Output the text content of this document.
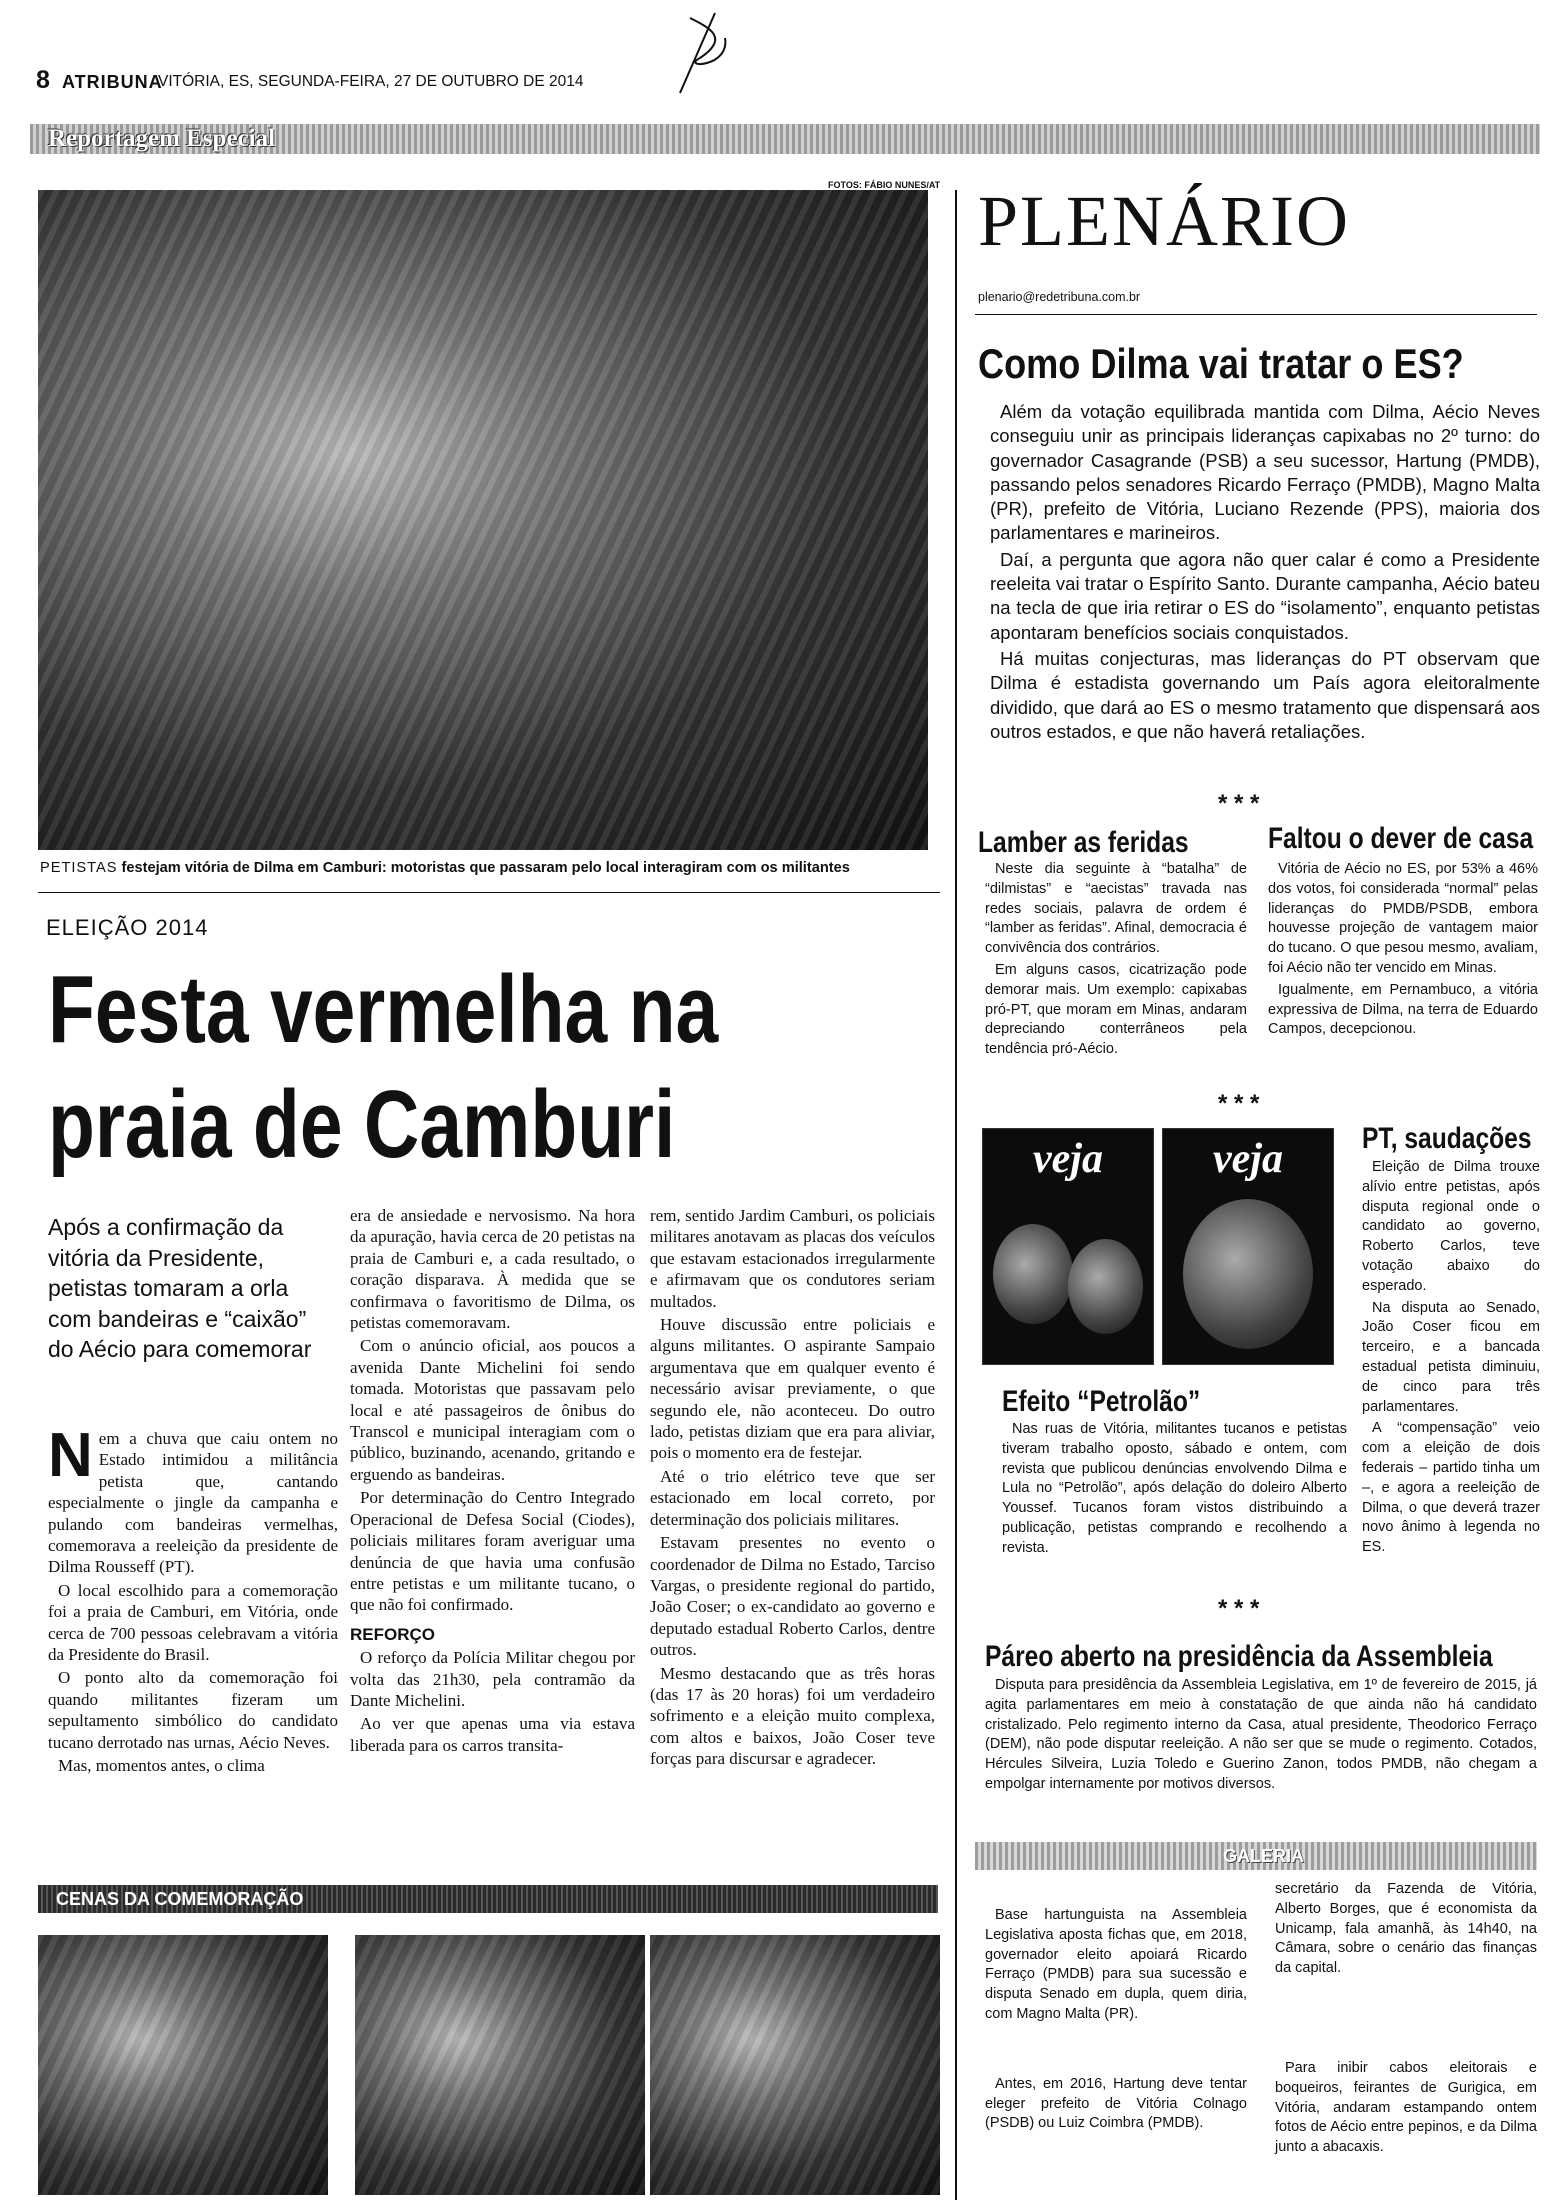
8 ATRIBUNA
VITÓRIA, ES, SEGUNDA-FEIRA, 27 DE OUTUBRO DE 2014
Reportagem Especial
FOTOS: FÁBIO NUNES/AT
PETISTAS festejam vitória de Dilma em Camburi: motoristas que passaram pelo local interagiram com os militantes
ELEIÇÃO 2014
Festa vermelha na
praia de Camburi
Após a confirmação da vitória da Presidente, petistas tomaram a orla com bandeiras e “caixão” do Aécio para comemorar

Nem a chuva que caiu ontem no Estado intimidou a militância petista que, cantando especialmente o jingle da campanha e pulando com bandeiras vermelhas, comemorava a reeleição da presidente de Dilma Rousseff (PT).

O local escolhido para a comemoração foi a praia de Camburi, em Vitória, onde cerca de 700 pessoas celebravam a vitória da Presidente do Brasil.

O ponto alto da comemoração foi quando militantes fizeram um sepultamento simbólico do candidato tucano derrotado nas urnas, Aécio Neves.

Mas, momentos antes, o clima

era de ansiedade e nervosismo. Na hora da apuração, havia cerca de 20 petistas na praia de Camburi e, a cada resultado, o coração disparava. À medida que se confirmava o favoritismo de Dilma, os petistas comemoravam.

Com o anúncio oficial, aos poucos a avenida Dante Michelini foi sendo tomada. Motoristas que passavam pelo local e até passageiros de ônibus do Transcol e municipal interagiam com o público, buzinando, acenando, gritando e erguendo as bandeiras.

Por determinação do Centro Integrado Operacional de Defesa Social (Ciodes), policiais militares foram averiguar uma denúncia de que havia uma confusão entre petistas e um militante tucano, o que não foi confirmado.

REFORÇO

O reforço da Polícia Militar chegou por volta das 21h30, pela contramão da Dante Michelini.

Ao ver que apenas uma via estava liberada para os carros transita-

rem, sentido Jardim Camburi, os policiais militares anotavam as placas dos veículos que estavam estacionados irregularmente e afirmavam que os condutores seriam multados.

Houve discussão entre policiais e alguns militantes. O aspirante Sampaio argumentava que em qualquer evento é necessário avisar previamente, o que segundo ele, não aconteceu. Do outro lado, petistas diziam que era para aliviar, pois o momento era de festejar.

Até o trio elétrico teve que ser estacionado em local correto, por determinação dos policiais militares.

Estavam presentes no evento o coordenador de Dilma no Estado, Tarciso Vargas, o presidente regional do partido, João Coser; o ex-candidato ao governo e deputado estadual Roberto Carlos, dentre outros.

Mesmo destacando que as três horas (das 17 às 20 horas) foi um verdadeiro sofrimento e a eleição muito complexa, com altos e baixos, João Coser teve forças para discursar e agradecer.

CENAS DA COMEMORAÇÃO
PLENÁRIO
plenario@redetribuna.com.br
Como Dilma vai tratar o ES?

Além da votação equilibrada mantida com Dilma, Aécio Neves conseguiu unir as principais lideranças capixabas no 2º turno: do governador Casagrande (PSB) a seu sucessor, Hartung (PMDB), passando pelos senadores Ricardo Ferraço (PMDB), Magno Malta (PR), prefeito de Vitória, Luciano Rezende (PPS), maioria dos parlamentares e marineiros.

Daí, a pergunta que agora não quer calar é como a Presidente reeleita vai tratar o Espírito Santo. Durante campanha, Aécio bateu na tecla de que iria retirar o ES do “isolamento”, enquanto petistas apontaram benefícios sociais conquistados.

Há muitas conjecturas, mas lideranças do PT observam que Dilma é estadista governando um País agora eleitoralmente dividido, que dará ao ES o mesmo tratamento que dispensará aos outros estados, e que não haverá retaliações.

* * *
Lamber as feridas

Neste dia seguinte à “batalha” de “dilmistas” e “aecistas” travada nas redes sociais, palavra de ordem é “lamber as feridas”. Afinal, democracia é convivência dos contrários.

Em alguns casos, cicatrização pode demorar mais. Um exemplo: capixabas pró-PT, que moram em Minas, andaram depreciando conterrâneos pela tendência pró-Aécio.

Faltou o dever de casa

Vitória de Aécio no ES, por 53% a 46% dos votos, foi considerada “normal” pelas lideranças do PMDB/PSDB, embora houvesse projeção de vantagem maior do tucano. O que pesou mesmo, avaliam, foi Aécio não ter vencido em Minas.

Igualmente, em Pernambuco, a vitória expressiva de Dilma, na terra de Eduardo Campos, decepcionou.

* * *
veja	veja	PT, saudações

Eleição de Dilma trouxe alívio entre petistas, após disputa regional onde o candidato ao governo, Roberto Carlos, teve votação abaixo do esperado.

Na disputa ao Senado, João Coser ficou em terceiro, e a bancada estadual petista diminuiu, de cinco para três parlamentares.

A “compensação” veio com a eleição de dois federais – partido tinha um –, e agora a reeleição de Dilma, o que deverá trazer novo ânimo à legenda no ES.

Efeito “Petrolão”

Nas ruas de Vitória, militantes tucanos e petistas tiveram trabalho oposto, sábado e ontem, com revista que publicou denúncias envolvendo Dilma e Lula no “Petrolão”, após delação do doleiro Alberto Youssef. Tucanos foram vistos distribuindo a publicação, petistas comprando e recolhendo a revista.

* * *
Páreo aberto na presidência da Assembleia

Disputa para presidência da Assembleia Legislativa, em 1º de fevereiro de 2015, já agita parlamentares em meio à constatação de que ainda não há candidato cristalizado. Pelo regimento interno da Casa, atual presidente, Theodorico Ferraço (DEM), não pode disputar reeleição. A não ser que se mude o regimento. Cotados, Hércules Silveira, Luzia Toledo e Guerino Zanon, todos PMDB, não chegam a empolgar internamente por motivos diversos.

GALERIA

Base hartunguista na Assembleia Legislativa aposta fichas que, em 2018, governador eleito apoiará Ricardo Ferraço (PMDB) para sua sucessão e disputa Senado em dupla, quem diria, com Magno Malta (PR).

Antes, em 2016, Hartung deve tentar eleger prefeito de Vitória Colnago (PSDB) ou Luiz Coimbra (PMDB).

secretário da Fazenda de Vitória, Alberto Borges, que é economista da Unicamp, fala amanhã, às 14h40, na Câmara, sobre o cenário das finanças da capital.

Para inibir cabos eleitorais e boqueiros, feirantes de Gurigica, em Vitória, andaram estampando ontem fotos de Aécio entre pepinos, e da Dilma junto a abacaxis.
